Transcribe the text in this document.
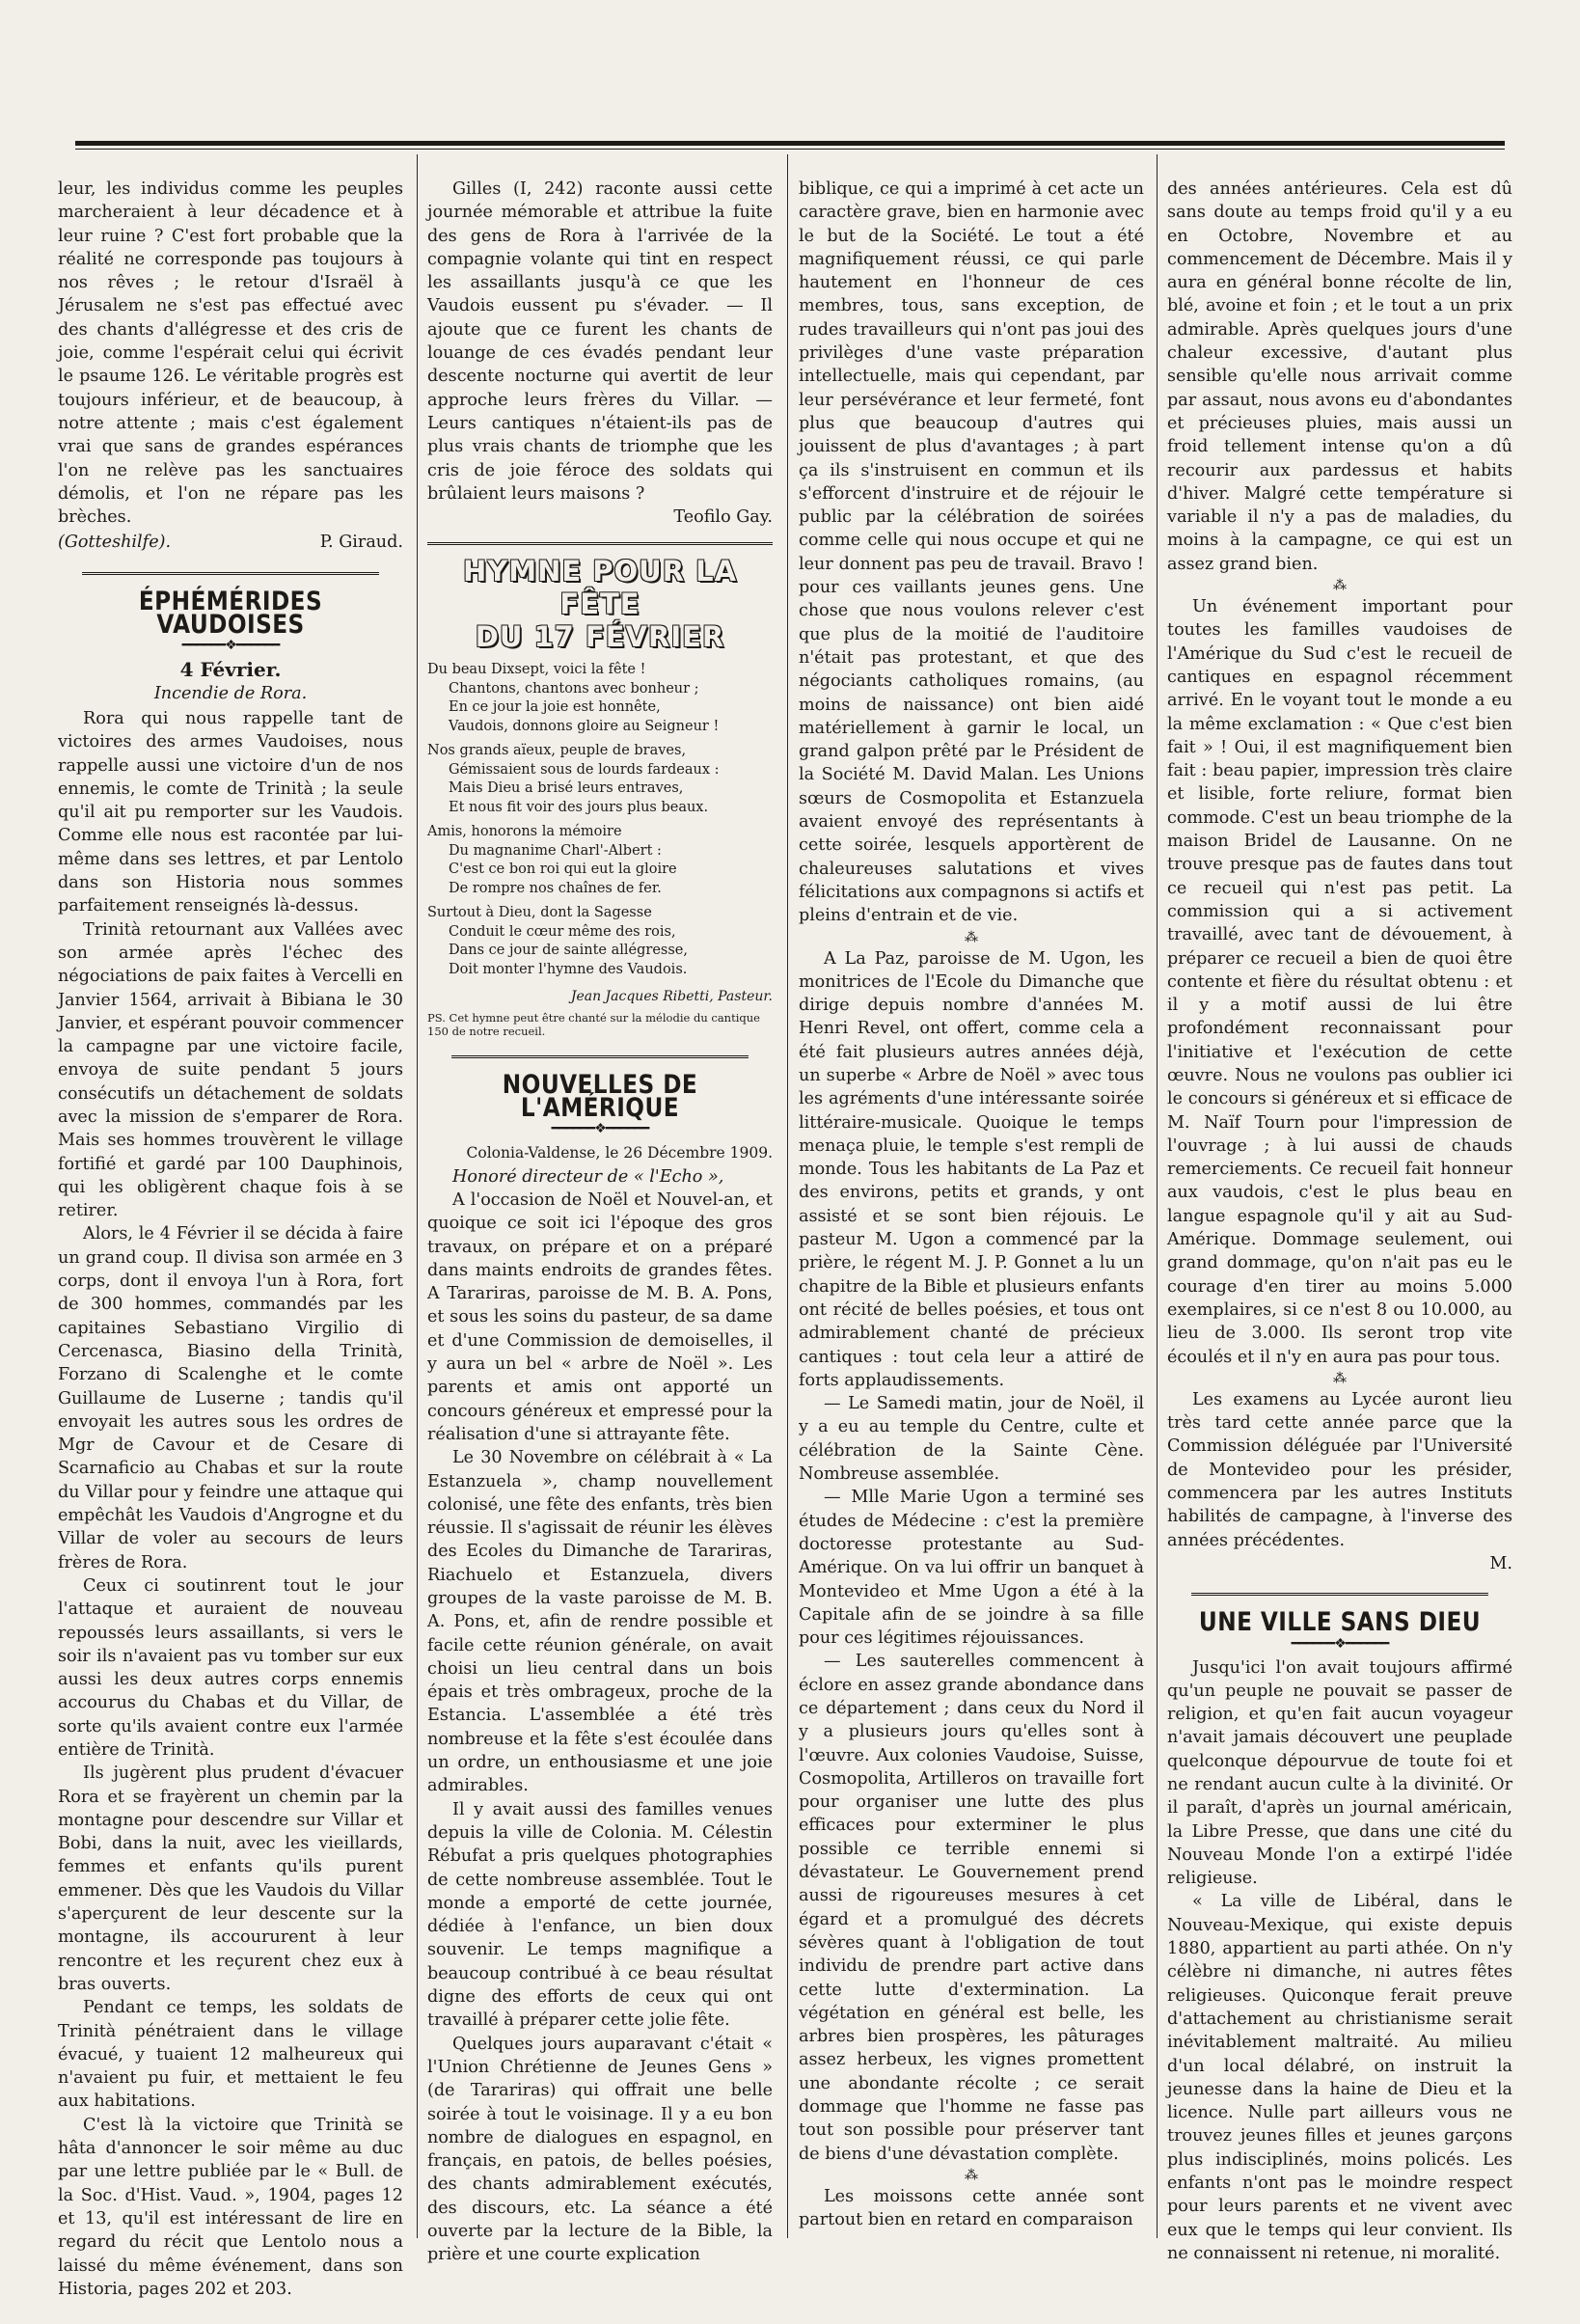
leur, les individus comme les peuples marcheraient à leur décadence et à leur ruine ? C'est fort probable que la réalité ne corresponde pas toujours à nos rêves ; le retour d'Israël à Jérusalem ne s'est pas effectué avec des chants d'allégresse et des cris de joie, comme l'espérait celui qui écrivit le psaume 126. Le véritable progrès est toujours inférieur, et de beaucoup, à notre attente ; mais c'est également vrai que sans de grandes espérances l'on ne relève pas les sanctuaires démolis, et l'on ne répare pas les brèches.

(Gotteshilfe).	P. Giraud.
ÉPHÉMÉRIDES VAUDOISES
━━━━━━❖━━━━━━
4 Février.
Incendie de Rora.

Rora qui nous rappelle tant de victoires des armes Vaudoises, nous rappelle aussi une victoire d'un de nos ennemis, le comte de Trinità ; la seule qu'il ait pu remporter sur les Vaudois. Comme elle nous est racontée par lui-même dans ses lettres, et par Lentolo dans son Historia nous sommes parfaitement renseignés là-dessus.

Trinità retournant aux Vallées avec son armée après l'échec des négociations de paix faites à Vercelli en Janvier 1564, arrivait à Bibiana le 30 Janvier, et espérant pouvoir commencer la campagne par une victoire facile, envoya de suite pendant 5 jours consécutifs un détachement de soldats avec la mission de s'emparer de Rora. Mais ses hommes trouvèrent le village fortifié et gardé par 100 Dauphinois, qui les obligèrent chaque fois à se retirer.

Alors, le 4 Février il se décida à faire un grand coup. Il divisa son armée en 3 corps, dont il envoya l'un à Rora, fort de 300 hommes, commandés par les capitaines Sebastiano Virgilio di Cercenasca, Biasino della Trinità, Forzano di Scalenghe et le comte Guillaume de Luserne ; tandis qu'il envoyait les autres sous les ordres de Mgr de Cavour et de Cesare di Scarnaficio au Chabas et sur la route du Villar pour y feindre une attaque qui empêchât les Vaudois d'Angrogne et du Villar de voler au secours de leurs frères de Rora.

Ceux ci soutinrent tout le jour l'attaque et auraient de nouveau repoussés leurs assaillants, si vers le soir ils n'avaient pas vu tomber sur eux aussi les deux autres corps ennemis accourus du Chabas et du Villar, de sorte qu'ils avaient contre eux l'armée entière de Trinità.

Ils jugèrent plus prudent d'évacuer Rora et se frayèrent un chemin par la montagne pour descendre sur Villar et Bobi, dans la nuit, avec les vieillards, femmes et enfants qu'ils purent emmener. Dès que les Vaudois du Villar s'aperçurent de leur descente sur la montagne, ils accoururent à leur rencontre et les reçurent chez eux à bras ouverts.

Pendant ce temps, les soldats de Trinità pénétraient dans le village évacué, y tuaient 12 malheureux qui n'avaient pu fuir, et mettaient le feu aux habitations.

C'est là la victoire que Trinità se hâta d'annoncer le soir même au duc par une lettre publiée par le « Bull. de la Soc. d'Hist. Vaud. », 1904, pages 12 et 13, qu'il est intéressant de lire en regard du récit que Lentolo nous a laissé du même événement, dans son Historia, pages 202 et 203.

Gilles (I, 242) raconte aussi cette journée mémorable et attribue la fuite des gens de Rora à l'arrivée de la compagnie volante qui tint en respect les assaillants jusqu'à ce que les Vaudois eussent pu s'évader. — Il ajoute que ce furent les chants de louange de ces évadés pendant leur descente nocturne qui avertit de leur approche leurs frères du Villar. — Leurs cantiques n'étaient-ils pas de plus vrais chants de triomphe que les cris de joie féroce des soldats qui brûlaient leurs maisons ?

Teofilo Gay.
HYMNE POUR LA FÊTE
DU 17 FÉVRIER
Du beau Dixsept, voici la fête !
Chantons, chantons avec bonheur ;
En ce jour la joie est honnête,
Vaudois, donnons gloire au Seigneur !
Nos grands aïeux, peuple de braves,
Gémissaient sous de lourds fardeaux :
Mais Dieu a brisé leurs entraves,
Et nous fit voir des jours plus beaux.
Amis, honorons la mémoire
Du magnanime Charl'-Albert :
C'est ce bon roi qui eut la gloire
De rompre nos chaînes de fer.
Surtout à Dieu, dont la Sagesse
Conduit le cœur même des rois,
Dans ce jour de sainte allégresse,
Doit monter l'hymne des Vaudois.
Jean Jacques Ribetti, Pasteur.
PS. Cet hymne peut être chanté sur la mélodie du cantique 150 de notre recueil.
NOUVELLES DE L'AMÉRIQUE
━━━━━━❖━━━━━━
Colonia-Valdense, le 26 Décembre 1909.
Honoré directeur de « l'Echo »,

A l'occasion de Noël et Nouvel-an, et quoique ce soit ici l'époque des gros travaux, on prépare et on a préparé dans maints endroits de grandes fêtes. A Tarariras, paroisse de M. B. A. Pons, et sous les soins du pasteur, de sa dame et d'une Commission de demoiselles, il y aura un bel « arbre de Noël ». Les parents et amis ont apporté un concours généreux et empressé pour la réalisation d'une si attrayante fête.

Le 30 Novembre on célébrait à « La Estanzuela », champ nouvellement colonisé, une fête des enfants, très bien réussie. Il s'agissait de réunir les élèves des Ecoles du Dimanche de Tarariras, Riachuelo et Estanzuela, divers groupes de la vaste paroisse de M. B. A. Pons, et, afin de rendre possible et facile cette réunion générale, on avait choisi un lieu central dans un bois épais et très ombrageux, proche de la Estancia. L'assemblée a été très nombreuse et la fête s'est écoulée dans un ordre, un enthousiasme et une joie admirables.

Il y avait aussi des familles venues depuis la ville de Colonia. M. Célestin Rébufat a pris quelques photographies de cette nombreuse assemblée. Tout le monde a emporté de cette journée, dédiée à l'enfance, un bien doux souvenir. Le temps magnifique a beaucoup contribué à ce beau résultat digne des efforts de ceux qui ont travaillé à préparer cette jolie fête.

Quelques jours auparavant c'était « l'Union Chrétienne de Jeunes Gens » (de Tarariras) qui offrait une belle soirée à tout le voisinage. Il y a eu bon nombre de dialogues en espagnol, en français, en patois, de belles poésies, des chants admirablement exécutés, des discours, etc. La séance a été ouverte par la lecture de la Bible, la prière et une courte explication

biblique, ce qui a imprimé à cet acte un caractère grave, bien en harmonie avec le but de la Société. Le tout a été magnifiquement réussi, ce qui parle hautement en l'honneur de ces membres, tous, sans exception, de rudes travailleurs qui n'ont pas joui des privilèges d'une vaste préparation intellectuelle, mais qui cependant, par leur persévérance et leur fermeté, font plus que beaucoup d'autres qui jouissent de plus d'avantages ; à part ça ils s'instruisent en commun et ils s'efforcent d'instruire et de réjouir le public par la célébration de soirées comme celle qui nous occupe et qui ne leur donnent pas peu de travail. Bravo ! pour ces vaillants jeunes gens. Une chose que nous voulons relever c'est que plus de la moitié de l'auditoire n'était pas protestant, et que des négociants catholiques romains, (au moins de naissance) ont bien aidé matériellement à garnir le local, un grand galpon prêté par le Président de la Société M. David Malan. Les Unions sœurs de Cosmopolita et Estanzuela avaient envoyé des représentants à cette soirée, lesquels apportèrent de chaleureuses salutations et vives félicitations aux compagnons si actifs et pleins d'entrain et de vie.

⁂

A La Paz, paroisse de M. Ugon, les monitrices de l'Ecole du Dimanche que dirige depuis nombre d'années M. Henri Revel, ont offert, comme cela a été fait plusieurs autres années déjà, un superbe « Arbre de Noël » avec tous les agréments d'une intéressante soirée littéraire-musicale. Quoique le temps menaça pluie, le temple s'est rempli de monde. Tous les habitants de La Paz et des environs, petits et grands, y ont assisté et se sont bien réjouis. Le pasteur M. Ugon a commencé par la prière, le régent M. J. P. Gonnet a lu un chapitre de la Bible et plusieurs enfants ont récité de belles poésies, et tous ont admirablement chanté de précieux cantiques : tout cela leur a attiré de forts applaudissements.

— Le Samedi matin, jour de Noël, il y a eu au temple du Centre, culte et célébration de la Sainte Cène. Nombreuse assemblée.

— Mlle Marie Ugon a terminé ses études de Médecine : c'est la première doctoresse protestante au Sud-Amérique. On va lui offrir un banquet à Montevideo et Mme Ugon a été à la Capitale afin de se joindre à sa fille pour ces légitimes réjouissances.

— Les sauterelles commencent à éclore en assez grande abondance dans ce département ; dans ceux du Nord il y a plusieurs jours qu'elles sont à l'œuvre. Aux colonies Vaudoise, Suisse, Cosmopolita, Artilleros on travaille fort pour organiser une lutte des plus efficaces pour exterminer le plus possible ce terrible ennemi si dévastateur. Le Gouvernement prend aussi de rigoureuses mesures à cet égard et a promulgué des décrets sévères quant à l'obligation de tout individu de prendre part active dans cette lutte d'extermination. La végétation en général est belle, les arbres bien prospères, les pâturages assez herbeux, les vignes promettent une abondante récolte ; ce serait dommage que l'homme ne fasse pas tout son possible pour préserver tant de biens d'une dévastation complète.

⁂

Les moissons cette année sont partout bien en retard en comparaison

des années antérieures. Cela est dû sans doute au temps froid qu'il y a eu en Octobre, Novembre et au commencement de Décembre. Mais il y aura en général bonne récolte de lin, blé, avoine et foin ; et le tout a un prix admirable. Après quelques jours d'une chaleur excessive, d'autant plus sensible qu'elle nous arrivait comme par assaut, nous avons eu d'abondantes et précieuses pluies, mais aussi un froid tellement intense qu'on a dû recourir aux pardessus et habits d'hiver. Malgré cette température si variable il n'y a pas de maladies, du moins à la campagne, ce qui est un assez grand bien.

⁂

Un événement important pour toutes les familles vaudoises de l'Amérique du Sud c'est le recueil de cantiques en espagnol récemment arrivé. En le voyant tout le monde a eu la même exclamation : « Que c'est bien fait » ! Oui, il est magnifiquement bien fait : beau papier, impression très claire et lisible, forte reliure, format bien commode. C'est un beau triomphe de la maison Bridel de Lausanne. On ne trouve presque pas de fautes dans tout ce recueil qui n'est pas petit. La commission qui a si activement travaillé, avec tant de dévouement, à préparer ce recueil a bien de quoi être contente et fière du résultat obtenu : et il y a motif aussi de lui être profondément reconnaissant pour l'initiative et l'exécution de cette œuvre. Nous ne voulons pas oublier ici le concours si généreux et si efficace de M. Naïf Tourn pour l'impression de l'ouvrage ; à lui aussi de chauds remerciements. Ce recueil fait honneur aux vaudois, c'est le plus beau en langue espagnole qu'il y ait au Sud-Amérique. Dommage seulement, oui grand dommage, qu'on n'ait pas eu le courage d'en tirer au moins 5.000 exemplaires, si ce n'est 8 ou 10.000, au lieu de 3.000. Ils seront trop vite écoulés et il n'y en aura pas pour tous.

⁂

Les examens au Lycée auront lieu très tard cette année parce que la Commission déléguée par l'Université de Montevideo pour les présider, commencera par les autres Instituts habilités de campagne, à l'inverse des années précédentes.

M.
UNE VILLE SANS DIEU
━━━━━━❖━━━━━━

Jusqu'ici l'on avait toujours affirmé qu'un peuple ne pouvait se passer de religion, et qu'en fait aucun voyageur n'avait jamais découvert une peuplade quelconque dépourvue de toute foi et ne rendant aucun culte à la divinité. Or il paraît, d'après un journal américain, la Libre Presse, que dans une cité du Nouveau Monde l'on a extirpé l'idée religieuse.

« La ville de Libéral, dans le Nouveau-Mexique, qui existe depuis 1880, appartient au parti athée. On n'y célèbre ni dimanche, ni autres fêtes religieuses. Quiconque ferait preuve d'attachement au christianisme serait inévitablement maltraité. Au milieu d'un local délabré, on instruit la jeunesse dans la haine de Dieu et la licence. Nulle part ailleurs vous ne trouvez jeunes filles et jeunes garçons plus indisciplinés, moins policés. Les enfants n'ont pas le moindre respect pour leurs parents et ne vivent avec eux que le temps qui leur convient. Ils ne connaissent ni retenue, ni moralité.
